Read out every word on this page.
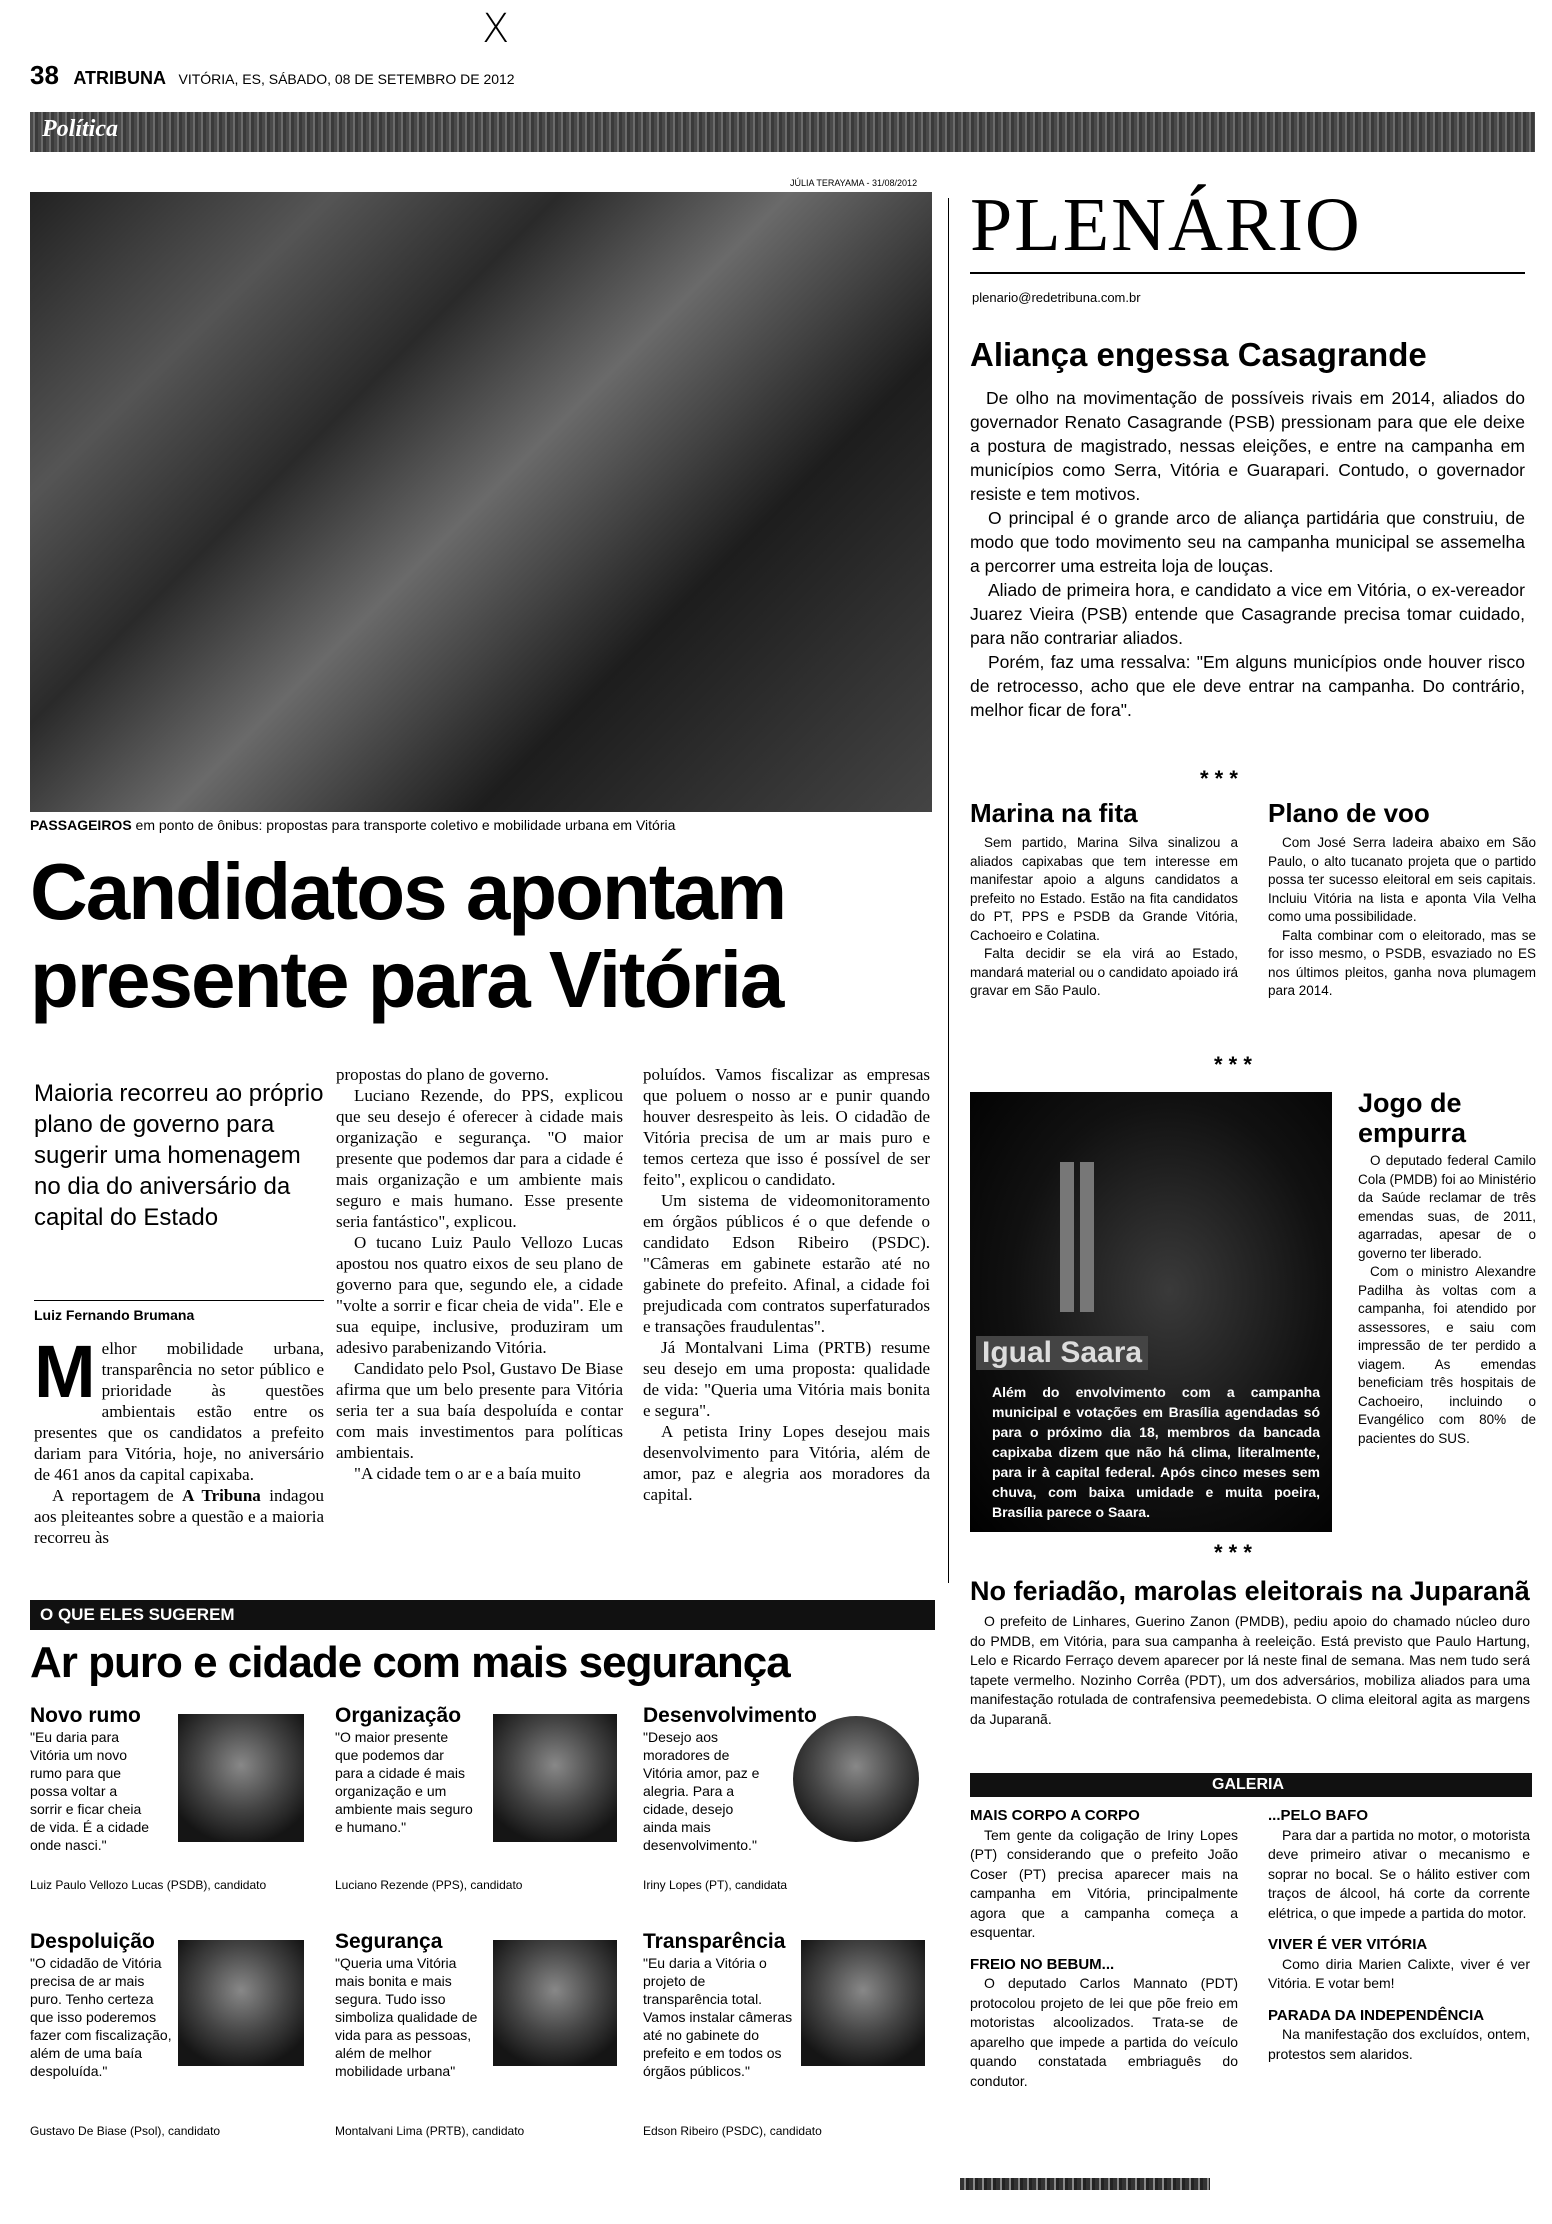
X
38 ATRIBUNA VITÓRIA, ES, SÁBADO, 08 DE SETEMBRO DE 2012
Política
JÚLIA TERAYAMA - 31/08/2012
PASSAGEIROS em ponto de ônibus: propostas para transporte coletivo e mobilidade urbana em Vitória
Candidatos apontam
presente para Vitória
Maioria recorreu ao próprio plano de governo para sugerir uma homenagem no dia do aniversário da capital do Estado
Luiz Fernando Brumana
M elhor mobilidade urbana, transparência no setor público e prioridade às questões ambientais estão entre os presentes que os candidatos a prefeito dariam para Vitória, hoje, no aniversário de 461 anos da capital capixaba.

A reportagem de A Tribuna indagou aos pleiteantes sobre a questão e a maioria recorreu às

propostas do plano de governo.

Luciano Rezende, do PPS, explicou que seu desejo é oferecer à cidade mais organização e segurança. "O maior presente que podemos dar para a cidade é mais organização e um ambiente mais seguro e mais humano. Esse presente seria fantástico", explicou.

O tucano Luiz Paulo Vellozo Lucas apostou nos quatro eixos de seu plano de governo para que, segundo ele, a cidade "volte a sorrir e ficar cheia de vida". Ele e sua equipe, inclusive, produziram um adesivo parabenizando Vitória.

Candidato pelo Psol, Gustavo De Biase afirma que um belo presente para Vitória seria ter a sua baía despoluída e contar com mais investimentos para políticas ambientais.

"A cidade tem o ar e a baía muito

poluídos. Vamos fiscalizar as empresas que poluem o nosso ar e punir quando houver desrespeito às leis. O cidadão de Vitória precisa de um ar mais puro e temos certeza que isso é possível de ser feito", explicou o candidato.

Um sistema de videomonitoramento em órgãos públicos é o que defende o candidato Edson Ribeiro (PSDC). "Câmeras em gabinete estarão até no gabinete do prefeito. Afinal, a cidade foi prejudicada com contratos superfaturados e transações fraudulentas".

Já Montalvani Lima (PRTB) resume seu desejo em uma proposta: qualidade de vida: "Queria uma Vitória mais bonita e segura".

A petista Iriny Lopes desejou mais desenvolvimento para Vitória, além de amor, paz e alegria aos moradores da capital.

O QUE ELES SUGEREM
Ar puro e cidade com mais segurança
Novo rumo
"Eu daria para Vitória um novo rumo para que possa voltar a sorrir e ficar cheia de vida. É a cidade onde nasci."
Luiz Paulo Vellozo Lucas (PSDB), candidato
Organização
"O maior presente que podemos dar para a cidade é mais organização e um ambiente mais seguro e humano."
Luciano Rezende (PPS), candidato
Desenvolvimento
"Desejo aos moradores de Vitória amor, paz e alegria. Para a cidade, desejo ainda mais desenvolvimento."
Iriny Lopes (PT), candidata
Despoluição
"O cidadão de Vitória precisa de ar mais puro. Tenho certeza que isso poderemos fazer com fiscalização, além de uma baía despoluída."
Gustavo De Biase (Psol), candidato
Segurança
"Queria uma Vitória mais bonita e mais segura. Tudo isso simboliza qualidade de vida para as pessoas, além de melhor mobilidade urbana"
Montalvani Lima (PRTB), candidato
Transparência
"Eu daria a Vitória o projeto de transparência total. Vamos instalar câmeras até no gabinete do prefeito e em todos os órgãos públicos."
Edson Ribeiro (PSDC), candidato
PLENÁRIO
plenario@redetribuna.com.br
Aliança engessa Casagrande

De olho na movimentação de possíveis rivais em 2014, aliados do governador Renato Casagrande (PSB) pressionam para que ele deixe a postura de magistrado, nessas eleições, e entre na campanha em municípios como Serra, Vitória e Guarapari. Contudo, o governador resiste e tem motivos.

O principal é o grande arco de aliança partidária que construiu, de modo que todo movimento seu na campanha municipal se assemelha a percorrer uma estreita loja de louças.

Aliado de primeira hora, e candidato a vice em Vitória, o ex-vereador Juarez Vieira (PSB) entende que Casagrande precisa tomar cuidado, para não contrariar aliados.

Porém, faz uma ressalva: "Em alguns municípios onde houver risco de retrocesso, acho que ele deve entrar na campanha. Do contrário, melhor ficar de fora".

* * *
Marina na fita

Sem partido, Marina Silva sinalizou a aliados capixabas que tem interesse em manifestar apoio a alguns candidatos a prefeito no Estado. Estão na fita candidatos do PT, PPS e PSDB da Grande Vitória, Cachoeiro e Colatina.

Falta decidir se ela virá ao Estado, mandará material ou o candidato apoiado irá gravar em São Paulo.

Plano de voo

Com José Serra ladeira abaixo em São Paulo, o alto tucanato projeta que o partido possa ter sucesso eleitoral em seis capitais. Incluiu Vitória na lista e aponta Vila Velha como uma possibilidade.

Falta combinar com o eleitorado, mas se for isso mesmo, o PSDB, esvaziado no ES nos últimos pleitos, ganha nova plumagem para 2014.

* * *
Igual Saara
Além do envolvimento com a campanha municipal e votações em Brasília agendadas só para o próximo dia 18, membros da bancada capixaba dizem que não há clima, literalmente, para ir à capital federal. Após cinco meses sem chuva, com baixa umidade e muita poeira, Brasília parece o Saara.
Jogo de empurra

O deputado federal Camilo Cola (PMDB) foi ao Ministério da Saúde reclamar de três emendas suas, de 2011, agarradas, apesar de o governo ter liberado.

Com o ministro Alexandre Padilha às voltas com a campanha, foi atendido por assessores, e saiu com impressão de ter perdido a viagem. As emendas beneficiam três hospitais de Cachoeiro, incluindo o Evangélico com 80% de pacientes do SUS.

* * *
No feriadão, marolas eleitorais na Juparanã
O prefeito de Linhares, Guerino Zanon (PMDB), pediu apoio do chamado núcleo duro do PMDB, em Vitória, para sua campanha à reeleição. Está previsto que Paulo Hartung, Lelo e Ricardo Ferraço devem aparecer por lá neste final de semana. Mas nem tudo será tapete vermelho. Nozinho Corrêa (PDT), um dos adversários, mobiliza aliados para uma manifestação rotulada de contrafensiva peemedebista. O clima eleitoral agita as margens da Juparanã.
GALERIA
MAIS CORPO A CORPO
Tem gente da coligação de Iriny Lopes (PT) considerando que o prefeito João Coser (PT) precisa aparecer mais na campanha em Vitória, principalmente agora que a campanha começa a esquentar.
FREIO NO BEBUM...
O deputado Carlos Mannato (PDT) protocolou projeto de lei que põe freio em motoristas alcoolizados. Trata-se de aparelho que impede a partida do veículo quando constatada embriaguês do condutor.
...PELO BAFO
Para dar a partida no motor, o motorista deve primeiro ativar o mecanismo e soprar no bocal. Se o hálito estiver com traços de álcool, há corte da corrente elétrica, o que impede a partida do motor.
VIVER É VER VITÓRIA
Como diria Marien Calixte, viver é ver Vitória. E votar bem!
PARADA DA INDEPENDÊNCIA
Na manifestação dos excluídos, ontem, protestos sem alaridos.
